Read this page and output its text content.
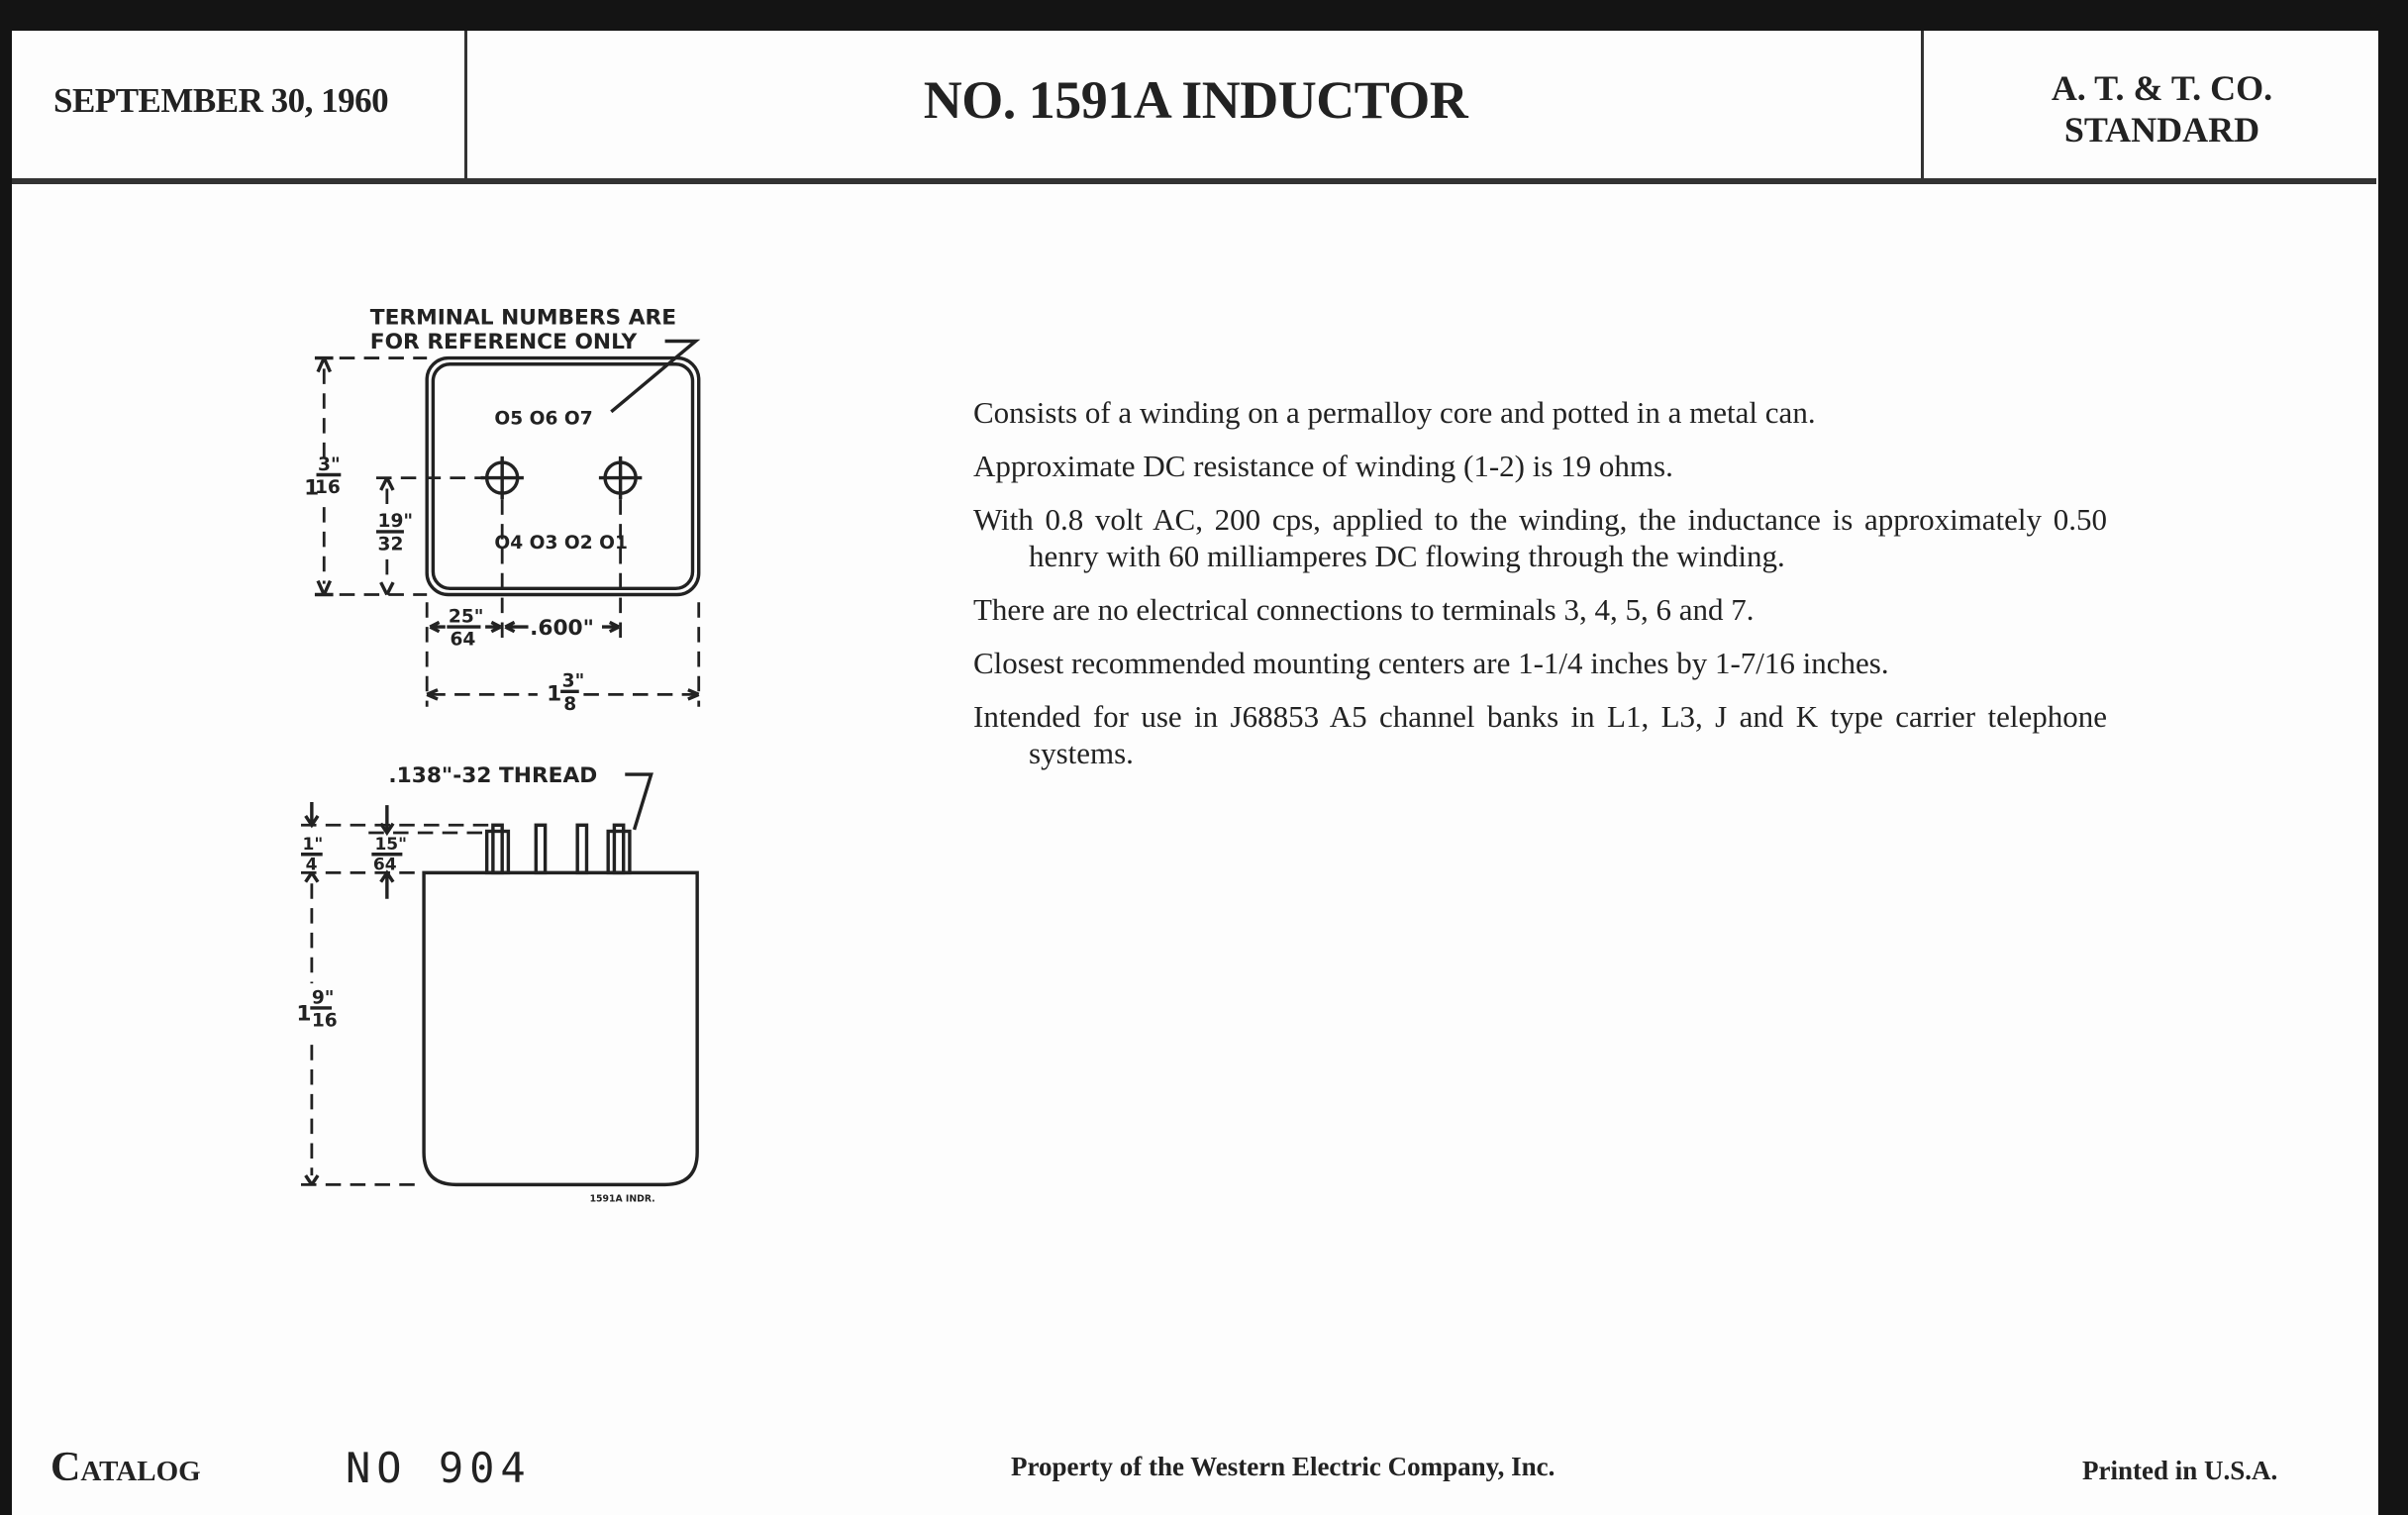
SEPTEMBER 30, 1960	NO. 1591A INDUCTOR	A. T. & T. CO.
STANDARD
TERMINAL NUMBERS ARE
FOR REFERENCE ONLY
O5 O6 O7
O4 O3 O2 O1
1
3"
16
19"
32
25"
64	.600"
1
3"
8
.138"-32 THREAD
1"
4
15"
64
1
9"
16
1591A INDR.

Consists of a winding on a permalloy core and potted in a metal can.

Approximate DC resistance of winding (1-2) is 19 ohms.

With 0.8 volt AC, 200 cps, applied to the winding, the inductance is approximately 0.50 henry with 60 milliamperes DC flowing through the winding.

There are no electrical connections to terminals 3, 4, 5, 6 and 7.

Closest recommended mounting centers are 1-1/4 inches by 1-7/16 inches.

Intended for use in J68853 A5 channel banks in L1, L3, J and K type carrier telephone systems.

Catalog	NO 904	Property of the Western Electric Company, Inc.	Printed in U.S.A.
